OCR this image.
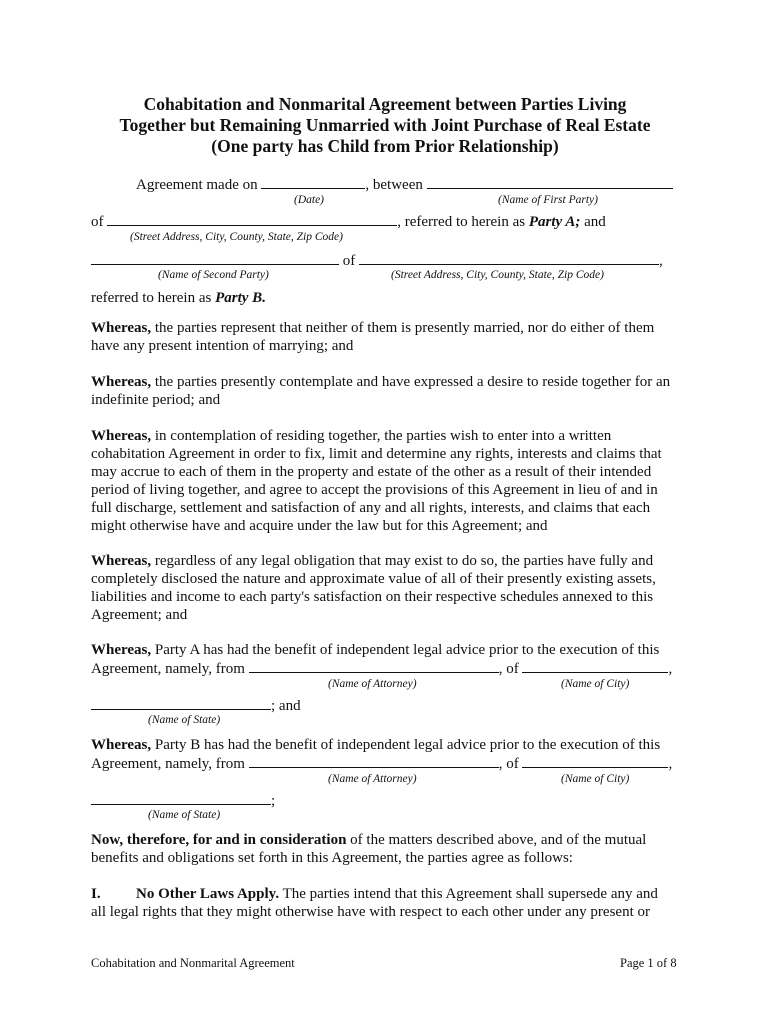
Cohabitation and Nonmarital Agreement between Parties Living
Together but Remaining Unmarried with Joint Purchase of Real Estate
(One party has Child from Prior Relationship)
Agreement made on	, between
(Date)	(Name of First Party)
of	, referred to herein as Party A; and
(Street Address, City, County, State, Zip Code)
of	,
(Name of Second Party)	(Street Address, City, County, State, Zip Code)
referred to herein as Party B.
Whereas, the parties represent that neither of them is presently married, nor do either of them
have any present intention of marrying; and
Whereas, the parties presently contemplate and have expressed a desire to reside together for an
indefinite period; and
Whereas, in contemplation of residing together, the parties wish to enter into a written
cohabitation Agreement in order to fix, limit and determine any rights, interests and claims that
may accrue to each of them in the property and estate of the other as a result of their intended
period of living together, and agree to accept the provisions of this Agreement in lieu of and in
full discharge, settlement and satisfaction of any and all rights, interests, and claims that each
might otherwise have and acquire under the law but for this Agreement; and
Whereas, regardless of any legal obligation that may exist to do so, the parties have fully and
completely disclosed the nature and approximate value of all of their presently existing assets,
liabilities and income to each party's satisfaction on their respective schedules annexed to this
Agreement; and
Whereas, Party A has had the benefit of independent legal advice prior to the execution of this
Agreement, namely, from	, of	,
(Name of Attorney)	(Name of City)
; and
(Name of State)
Whereas, Party B has had the benefit of independent legal advice prior to the execution of this
Agreement, namely, from	, of	,
(Name of Attorney)	(Name of City)
;
(Name of State)
Now, therefore, for and in consideration of the matters described above, and of the mutual
benefits and obligations set forth in this Agreement, the parties agree as follows:
I. No Other Laws Apply. The parties intend that this Agreement shall supersede any and
all legal rights that they might otherwise have with respect to each other under any present or
Cohabitation and Nonmarital Agreement	Page 1 of 8
